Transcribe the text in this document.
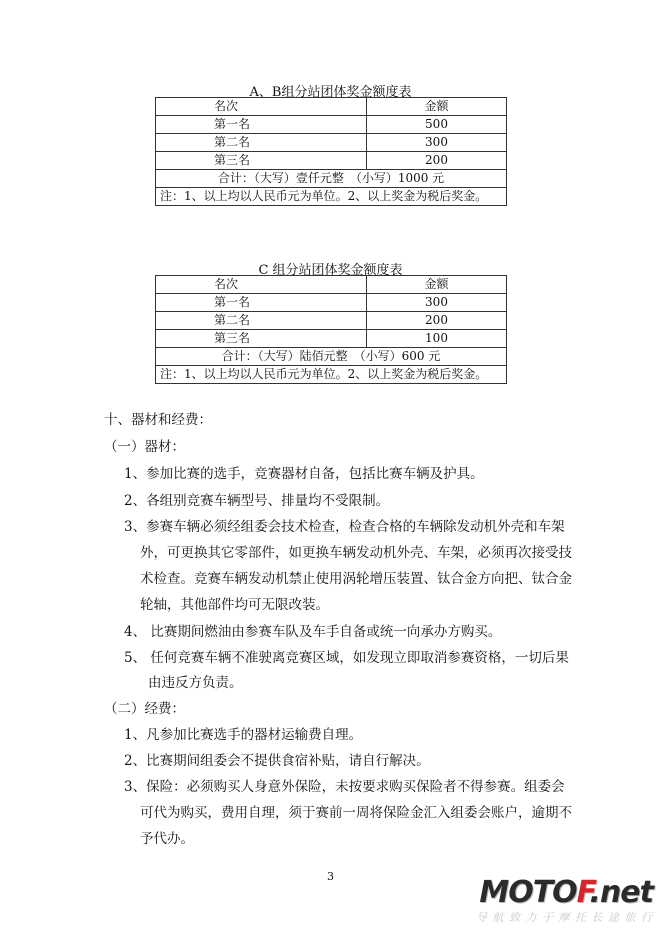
A、B组分站团体奖金额度表
名次	金额
第一名	500
第二名	300
第三名	200
合计：（大写）壹仟元整　（小写）1000 元	
注：1、以上均以人民币元为单位。2、以上奖金为税后奖金。	
C 组分站团体奖金额度表
名次	金额
第一名	300
第二名	200
第三名	100
合计：（大写）陆佰元整　（小写）600 元	
注：1、以上均以人民币元为单位。2、以上奖金为税后奖金。	
十、器材和经费：
（一）器材：
1、参加比赛的选手，竞赛器材自备，包括比赛车辆及护具。
2、各组别竞赛车辆型号、排量均不受限制。
3、参赛车辆必须经组委会技术检查，检查合格的车辆除发动机外壳和车架
外，可更换其它零部件，如更换车辆发动机外壳、车架，必须再次接受技
术检查。竞赛车辆发动机禁止使用涡轮增压装置、钛合金方向把、钛合金
轮轴，其他部件均可无限改装。
4、 比赛期间燃油由参赛车队及车手自备或统一向承办方购买。
5、 任何竞赛车辆不准驶离竞赛区域，如发现立即取消参赛资格，一切后果
由违反方负责。
（二）经费：
1、凡参加比赛选手的器材运输费自理。
2、比赛期间组委会不提供食宿补贴，请自行解决。
3、保险：必须购买人身意外保险，未按要求购买保险者不得参赛。组委会
可代为购买，费用自理，须于赛前一周将保险金汇入组委会账户，逾期不
予代办。
3	MOTOF.net
导 航 致 力 于 摩 托 长 途 旅 行
